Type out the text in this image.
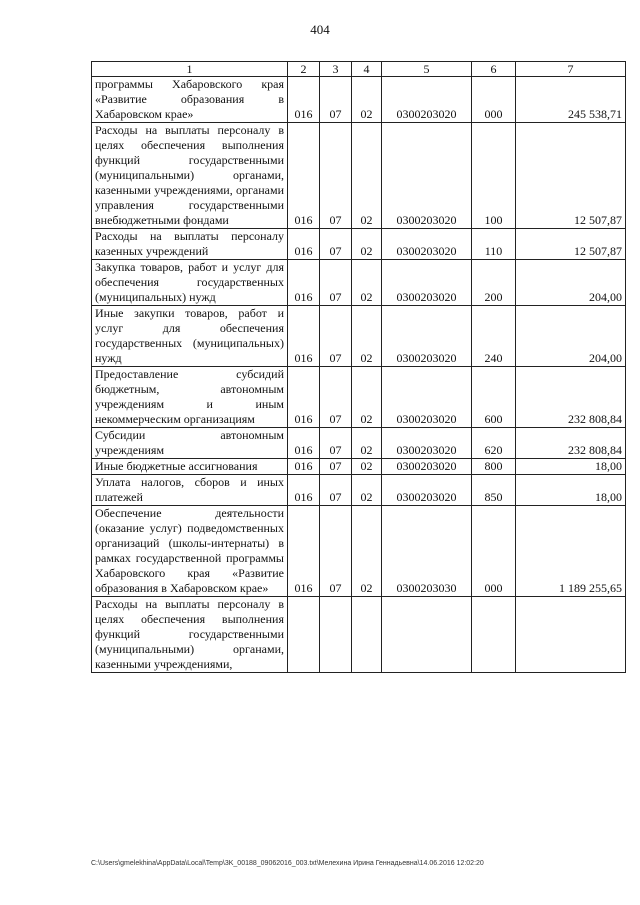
404
1	2	3	4	5	6	7
программы Хабаровского края «Развитие образования в Хабаровском крае»	016	07	02	0300203020	000	245 538,71
Расходы на выплаты персоналу в целях обеспечения выполнения функций государственными (муниципальными) органами, казенными учреждениями, органами управления государственными внебюджетными фондами	016	07	02	0300203020	100	12 507,87
Расходы на выплаты персоналу казенных учреждений	016	07	02	0300203020	110	12 507,87
Закупка товаров, работ и услуг для обеспечения государственных (муниципальных) нужд	016	07	02	0300203020	200	204,00
Иные закупки товаров, работ и услуг для обеспечения государственных (муниципальных) нужд	016	07	02	0300203020	240	204,00
Предоставление субсидий бюджетным, автономным учреждениям и иным некоммерческим организациям	016	07	02	0300203020	600	232 808,84
Субсидии автономным учреждениям	016	07	02	0300203020	620	232 808,84
Иные бюджетные ассигнования	016	07	02	0300203020	800	18,00
Уплата налогов, сборов и иных платежей	016	07	02	0300203020	850	18,00
Обеспечение деятельности (оказание услуг) подведомственных организаций (школы-интернаты) в рамках государственной программы Хабаровского края «Развитие образования в Хабаровском крае»	016	07	02	0300203030	000	1 189 255,65
Расходы на выплаты персоналу в целях обеспечения выполнения функций государственными (муниципальными) органами, казенными учреждениями,						
C:\Users\gmelekhina\AppData\Local\Temp\3K_00188_09062016_003.txt\Мелехина Ирина Геннадьевна\14.06.2016 12:02:20
